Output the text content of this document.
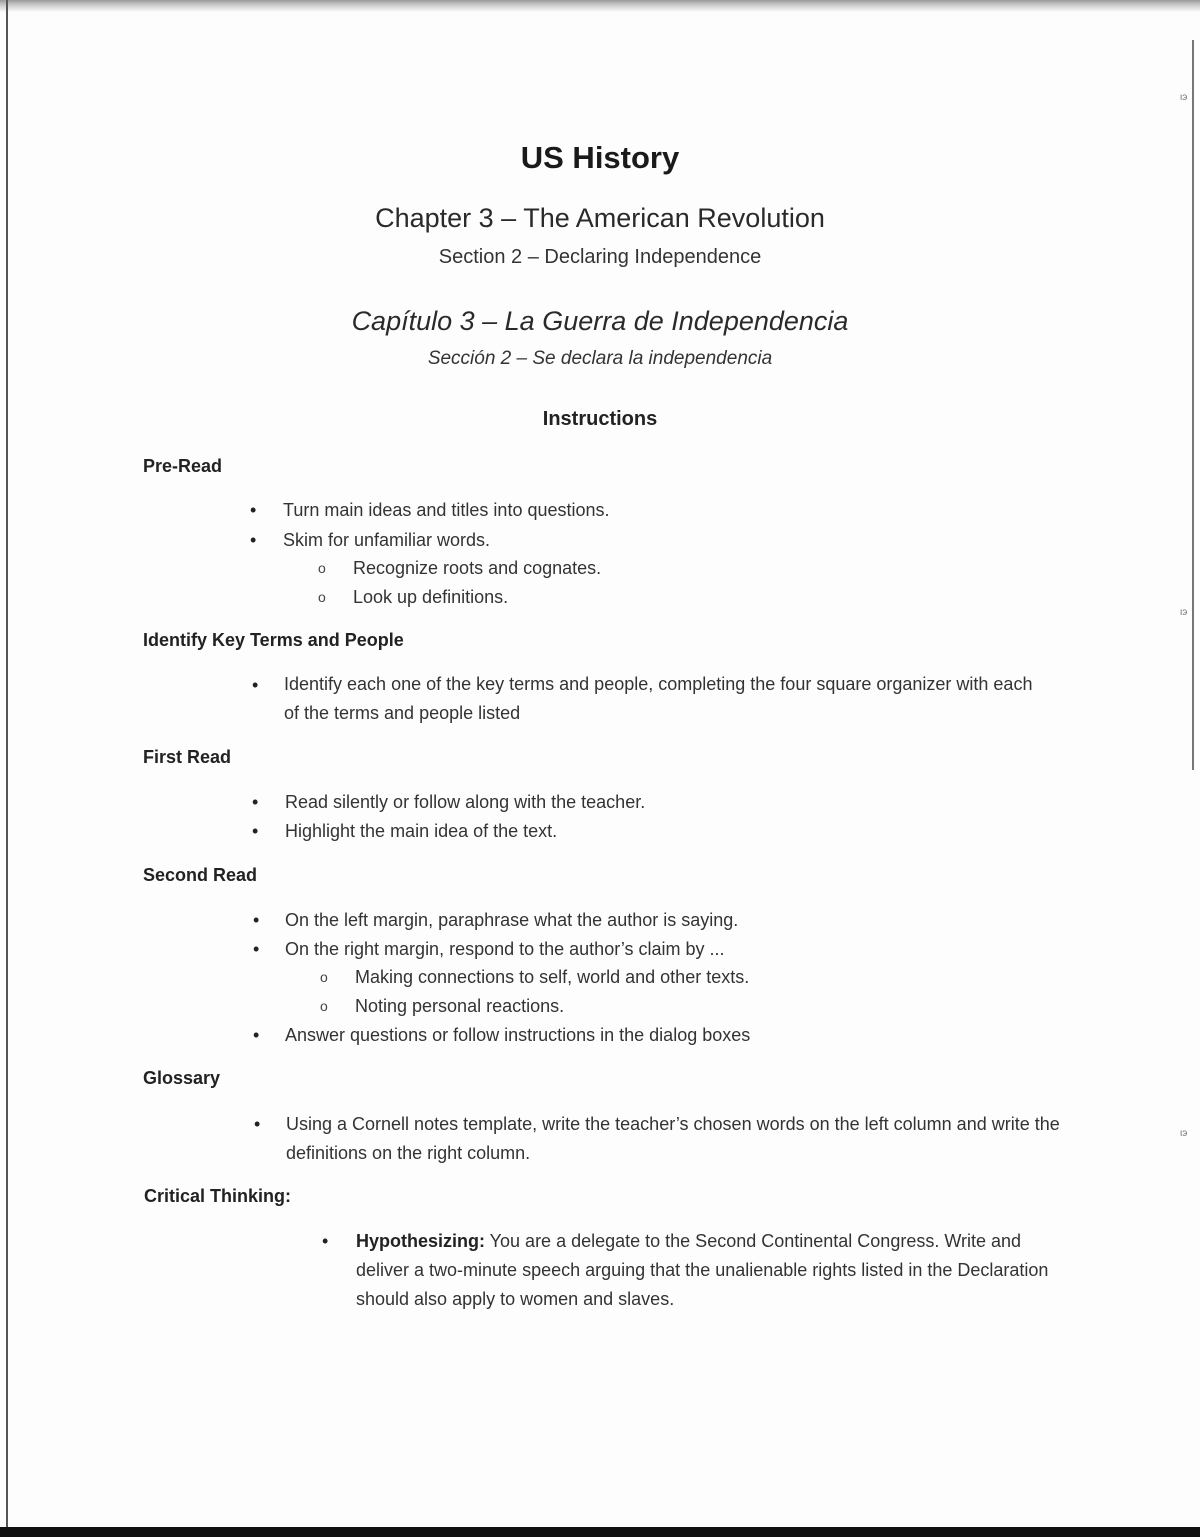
ιэ
ιэ
ιэ
US History
Chapter 3 – The American Revolution
Section 2 – Declaring Independence
Capítulo 3 – La Guerra de Independencia
Sección 2 – Se declara la independencia
Instructions
Pre-Read
• Turn main ideas and titles into questions.
• Skim for unfamiliar words.
o Recognize roots and cognates.
o Look up definitions.
Identify Key Terms and People
• Identify each one of the key terms and people, completing the four square organizer with each of the terms and people listed
First Read
• Read silently or follow along with the teacher.
• Highlight the main idea of the text.
Second Read
• On the left margin, paraphrase what the author is saying.
• On the right margin, respond to the author’s claim by ...
o Making connections to self, world and other texts.
o Noting personal reactions.
• Answer questions or follow instructions in the dialog boxes
Glossary
• Using a Cornell notes template, write the teacher’s chosen words on the left column and write the definitions on the right column.
Critical Thinking:
• Hypothesizing: You are a delegate to the Second Continental Congress. Write and deliver a two-minute speech arguing that the unalienable rights listed in the Declaration should also apply to women and slaves.
